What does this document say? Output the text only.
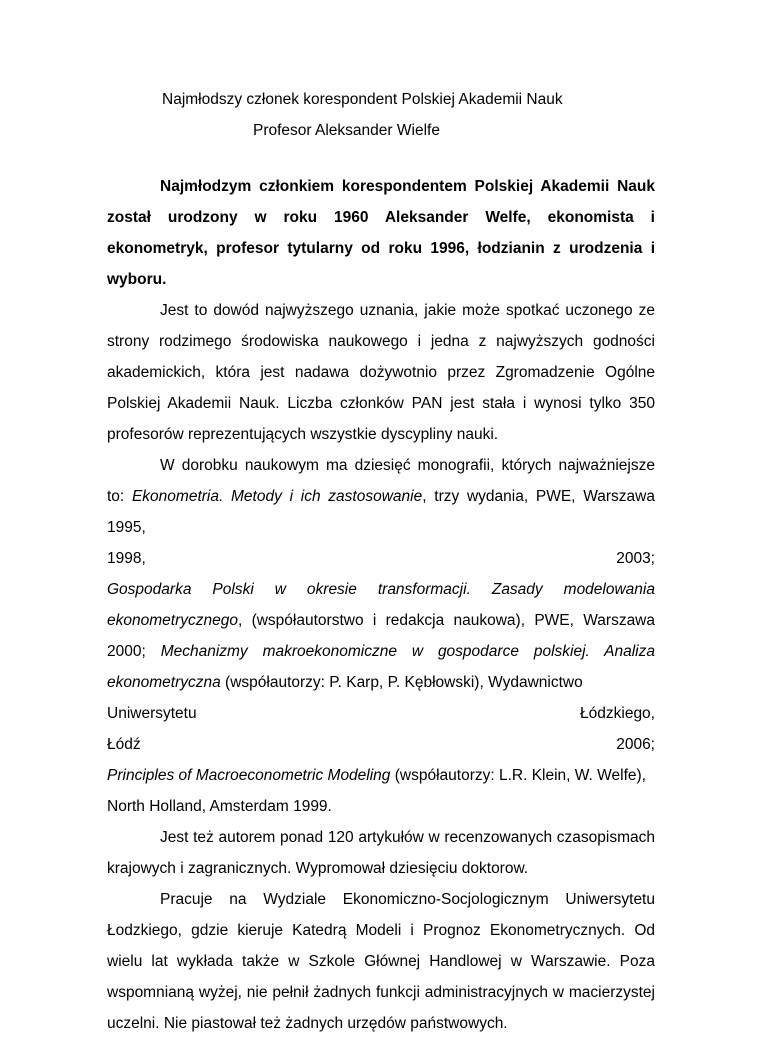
Najmłodszy członek korespondent Polskiej Akademii Nauk
Profesor Aleksander Wielfe

Najmłodzym członkiem korespondentem Polskiej Akademii Nauk został urodzony w roku 1960 Aleksander Welfe, ekonomista i ekonometryk, profesor tytularny od roku 1996, łodzianin z urodzenia i wyboru.

Jest to dowód najwyższego uznania, jakie może spotkać uczonego ze strony rodzimego środowiska naukowego i jedna z najwyższych godności akademickich, która jest nadawa dożywotnio przez Zgromadzenie Ogólne Polskiej Akademii Nauk. Liczba członków PAN jest stała i wynosi tylko 350 profesorów reprezentujących wszystkie dyscypliny nauki.

W dorobku naukowym ma dziesięć monografii, których najważniejsze to: Ekonometria. Metody i ich zastosowanie, trzy wydania, PWE, Warszawa 1995,

1998,	2003;

Gospodarka Polski w okresie transformacji. Zasady modelowania ekonometrycznego, (współautorstwo i redakcja naukowa), PWE, Warszawa 2000; Mechanizmy makroekonomiczne w gospodarce polskiej. Analiza ekonometryczna (współautorzy: P. Karp, P. Kębłowski), Wydawnictwo

Uniwersytetu	Łódzkiego,
Łódź	2006;

Principles of Macroeconometric Modeling (współautorzy: L.R. Klein, W. Welfe),

North Holland, Amsterdam 1999.

Jest też autorem ponad 120 artykułów w recenzowanych czasopismach krajowych i zagranicznych. Wypromował dziesięciu doktorow.

Pracuje na Wydziale Ekonomiczno-Socjologicznym Uniwersytetu Łodzkiego, gdzie kieruje Katedrą Modeli i Prognoz Ekonometrycznych. Od wielu lat wykłada także w Szkole Głównej Handlowej w Warszawie. Poza wspomnianą wyżej, nie pełnił żadnych funkcji administracyjnych w macierzystej uczelni. Nie piastował też żadnych urzędów państwowych.
